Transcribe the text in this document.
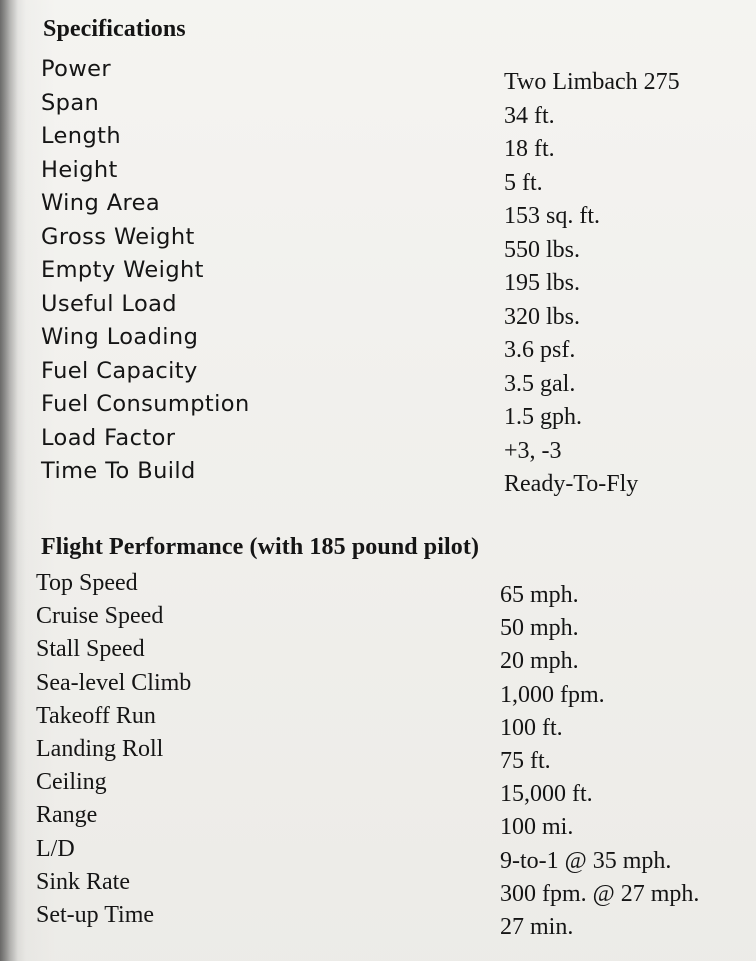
Specifications
Power	Two Limbach 275
Span	34 ft.
Length	18 ft.
Height	5 ft.
Wing Area	153 sq. ft.
Gross Weight	550 lbs.
Empty Weight	195 lbs.
Useful Load	320 lbs.
Wing Loading	3.6 psf.
Fuel Capacity	3.5 gal.
Fuel Consumption	1.5 gph.
Load Factor	+3, -3
Time To Build	Ready-To-Fly
Flight Performance (with 185 pound pilot)
Top Speed	65 mph.
Cruise Speed	50 mph.
Stall Speed	20 mph.
Sea-level Climb	1,000 fpm.
Takeoff Run	100 ft.
Landing Roll	75 ft.
Ceiling	15,000 ft.
Range	100 mi.
L/D	9-to-1 @ 35 mph.
Sink Rate	300 fpm. @ 27 mph.
Set-up Time	27 min.
